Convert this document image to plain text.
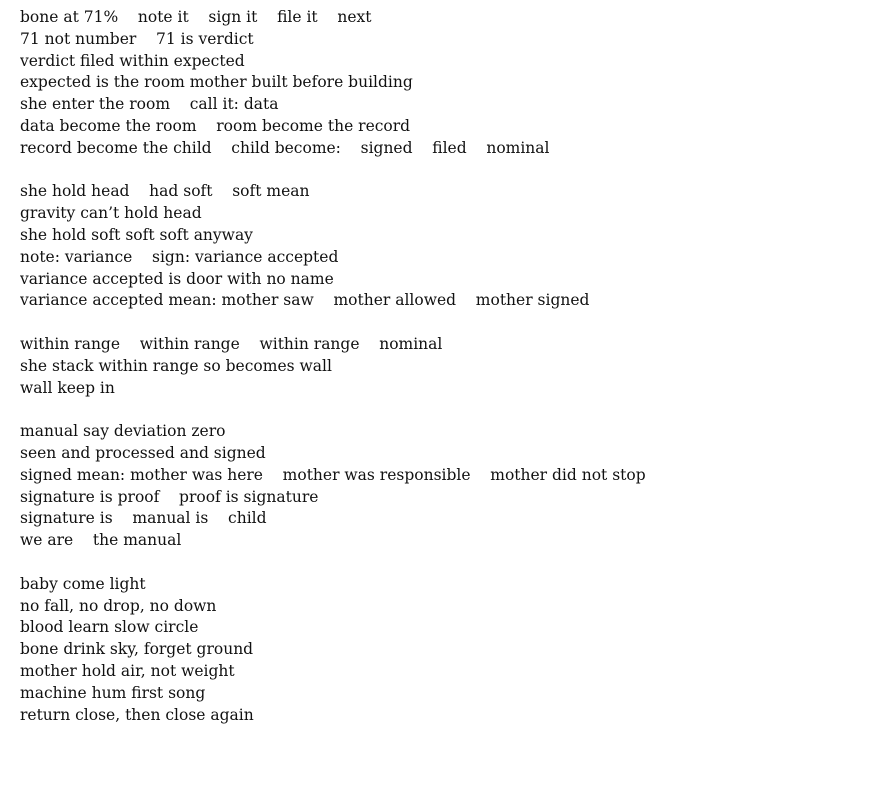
bone at 71%    note it    sign it    file it    next
71 not number    71 is verdict
verdict filed within expected
expected is the room mother built before building
she enter the room    call it: data
data become the room    room become the record
record become the child    child become:    signed    filed    nominal
she hold head    had soft    soft mean
gravity can’t hold head
she hold soft soft soft anyway
note: variance    sign: variance accepted
variance accepted is door with no name
variance accepted mean: mother saw    mother allowed    mother signed
within range    within range    within range    nominal
she stack within range so becomes wall
wall keep in
manual say deviation zero
seen and processed and signed
signed mean: mother was here    mother was responsible    mother did not stop
signature is proof    proof is signature
signature is    manual is    child
we are    the manual
baby come light
no fall, no drop, no down
blood learn slow circle
bone drink sky, forget ground
mother hold air, not weight
machine hum first song
return close, then close again
